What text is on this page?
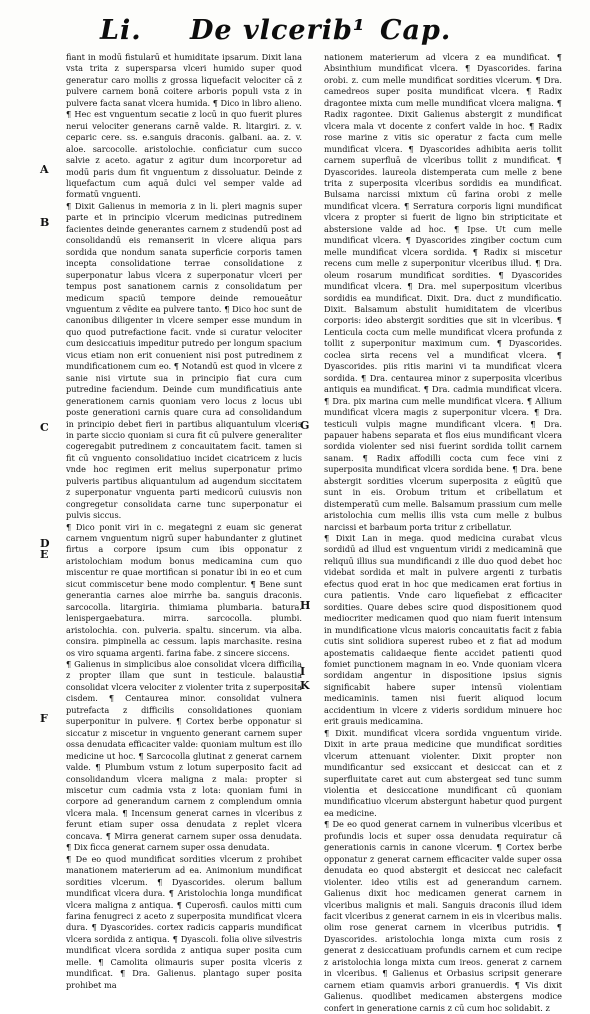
Li. De vlcerib¹ Cap.
A
B
C
D
E
F

fiant in modū fistularū et humiditate ipsarum. Dixit lana vsta trita z supersparsa vlceri humido super quod generatur caro mollis z grossa liquefacit velociter cā z pulvere carnem bonā coitere arboris populi vsta z in pulvere facta sanat vlcera humida. ¶ Dico in libro alieno.

¶ Hec est vnguentum secatie z locū in quo fuerit plures nerui velociter generans carnē valde. R. litargiri. z. v. ceparic cere. ss. e.sanguis draconis. galbani. aa. z. v. aloe. sarcocolle. aristolochie. conficiatur cum succo salvie z aceto. agatur z agitur dum incorporetur ad modū paris dum fit vnguentum z dissoluatur. Deinde z liquefactum cum aquā dulci vel semper valde ad formatū vnguenti.

¶ Dixit Galienus in memoria z in li. pleri magnis super parte et in principio vlcerum medicinas putredinem facientes deinde generantes carnem z studendū post ad consolidandū eis remanserit in vlcere aliqua pars sordida que nondum sanata superficie corporis tamen incepta consolidatione terrae consolidatione z superponatur labus vlcera z superponatur vlceri per tempus post sanationem carnis z consolidatum per medicum spaciū tempore deinde remoueātur vnguentum z vēdite ea pulvere tanto. ¶ Dico hoc sunt de canonibus diligenter in vlcere semper esse mundum in quo quod putrefactione facit. vnde si curatur velociter cum desiccatiuis impeditur putredo per longum spacium vicus etiam non erit conuenient nisi post putredinem z mundificationem cum eo. ¶ Notandū est quod in vlcere z sanie nisi virtute sua in principio fiat cura cum putredine faciendum. Deinde cum mundificatiuis ante generationem carnis quoniam vero locus z locus ubi poste generationi carnis quare cura ad consolidandum in principio debet fieri in partibus aliquantulum vlceris in parte siccio quoniam si cura fit cū pulvere generaliter cogeregabit putredinem z concauitatem facit. tamen si fit cū vnguento consolidatiuo incidet cicatricem z lucis vnde hoc regimen erit melius superponatur primo pulveris partibus aliquantulum ad augendum siccitatem z superponatur vnguenta parti medicorū cuiusvis non congregetur consolidata carne tunc superponatur ei pulvis siccus.

¶ Dico ponit viri in c. megategni z euam sic generat carnem vnguentum nigrū super habundanter z glutinet firtus a corpore ipsum cum ibis opponatur z aristolochiam modum bonus medicamina cum quo miscentur re quae mortifican si ponatur ibi in eo et cum sicut commiscetur bene modo complentur. ¶ Bene sunt generantia carnes aloe mirrhe ba. sanguis draconis. sarcocolla. litargiria. thimiama plumbaria. batura. lenispergaebatura. mirra. sarcocolla. plumbi. aristolochia. con. pulveria. spaltu. sincerum. via alba. consira. pimpinella ac cessum. lapis marchasite. resina os viro squama argenti. farina fabe. z sincere siccens.

¶ Galienus in simplicibus aloe consolidat vlcera difficilia z propter illam que sunt in testicule. balaustia consolidat vlcera velociter z violenter trita z superposita cisdem. ¶ Centaurea minor. consolidat vulnera putrefacta z difficilis consolidationes quoniam superponitur in pulvere. ¶ Cortex berbe opponatur si siccatur z miscetur in vnguento generant carnem super ossa denudata efficaciter valde: quoniam multum est illo medicine ut hoc. ¶ Sarcocolla glutinat z generat carnem valde. ¶ Plumbum vstum z lotum superposito facit ad consolidandum vlcera maligna z mala: propter si miscetur cum cadmia vsta z lota: quoniam fumi in corpore ad generandum carnem z complendum omnia vlcera mala. ¶ Incensum generat carnes in vlceribus z ferunt etiam super ossa denudata z replet vlcera concava. ¶ Mirra generat carnem super ossa denudata. ¶ Dix ficca generat carnem super ossa denudata.

¶ De eo quod mundificat sordities vlcerum z prohibet manationem materierum ad ea. Animonium mundificat sordities vlcerum. ¶ Dyascorides. olerum ballum mundificat vlcera dura. ¶ Aristolochia longa mundificat vlcera maligna z antiqua. ¶ Cuperosfi. caulos mitti cum farina fenugreci z aceto z superposita mundificat vlcera dura. ¶ Dyascorides. cortex radicis capparis mundificat vlcera sordida z antiqua. ¶ Dyascoli. folia olive silvestris mundificat vlcera sordida z antiqua super posita cum melle. ¶ Camolita olimauris super posita vlceris z mundificat. ¶ Dra. Galienus. plantago super posita prohibet ma

G
H
I
K

nationem materierum ad vlcera z ea mundificat. ¶ Absinthium mundificat vlcera. ¶ Dyascorides. farina orobi. z. cum melle mundificat sordities vlcerum. ¶ Dra. camedreos super posita mundificat vlcera. ¶ Radix dragontee mixta cum melle mundificat vlcera maligna. ¶ Radix ragontee. Dixit Galienus abstergit z mundificat vlcera mala vt docente z confert valde in hoc. ¶ Radix rose marine z vitis sic operatur z facta cum melle mundificat vlcera. ¶ Dyascorides adhibita aeris tollit carnem superfluā de vlceribus tollit z mundificat. ¶ Dyascorides. laureola distemperata cum melle z bene trita z superposita vlceribus sordidis ea mundificat. Bulsama narcissi mixtum cū farina orobi z melle mundificat vlcera. ¶ Serratura corporis ligni mundificat vlcera z propter si fuerit de ligno bin stripticitate et abstersione valde ad hoc. ¶ Ipse. Ut cum melle mundificat vlcera. ¶ Dyascorides zingiber coctum cum melle mundificat vlcera sordida. ¶ Radix si miscetur recens cum melle z superponitur vlceribus illud. ¶ Dra. oleum rosarum mundificat sordities. ¶ Dyascorides mundificat vlcera. ¶ Dra. mel superpositum vlceribus sordidis ea mundificat. Dixit. Dra. duct z mundificatio. Dixit. Balsamum abstulit humiditatem de vlceribus corporis: ideo abstergit sordities que sit in vlceribus. ¶ Lenticula cocta cum melle mundificat vlcera profunda z tollit z superponitur maximum cum. ¶ Dyascorides. coclea sirta recens vel a mundificat vlcera. ¶ Dyascorides. piis ritis marini vi ta mundificat vlcera sordida. ¶ Dra. centaurea minor z superposita vlceribus antiquis ea mundificat. ¶ Dra. cadmia mundificat vlcera. ¶ Dra. pix marina cum melle mundificat vlcera. ¶ Allium mundificat vlcera magis z superponitur vlcera. ¶ Dra. testiculi vulpis magne mundificant vlcera. ¶ Dra. papauer habens separata et flos eius mundificant vlcera sordida violenter sed nisi fuerint sordida tollit carnem sanam. ¶ Radix affodilli cocta cum fece vini z superposita mundificat vlcera sordida bene. ¶ Dra. bene abstergit sordities vlcerum superposita z eūgitū que sunt in eis. Orobum tritum et cribellatum et distemperatū cum melle. Balsamum prassium cum melle aristolochia cum mellis illis vsta cum melle z bulbus narcissi et barbaum porta tritur z cribellatur.

¶ Dixit Lan in mega. quod medicina curabat vlcus sordidū ad illud est vnguentum viridi z medicaminā que reliquū illius sua mundificandi z ille duo quod debet hoc videbat sordida et malt in pulvere argenti z turbatis efectus quod erat in hoc que medicamen erat fortius in cura patientis. Vnde caro liquefiebat z efficaciter sordities. Quare debes scire quod dispositionem quod mediocriter medicamen quod quo niam fuerit intensum in mundificatione vlcus maioris concauitatis facit z fabia cutis sint solidiora superest rubeo et z fiat ad modum apostematis calidaeque fiente accidet patienti quod fomiet punctionem magnam in eo. Vnde quoniam vlcera sordidam angentur in dispositione ipsius signis significabit habere super intensū violentiam medicaminis. tamen nisi fuerit aliquod locum accidentium in vlcere z videris sordidum minuere hoc erit grauis medicamina.

¶ Dixit. mundificat vlcera sordida vnguentum viride. Dixit in arte praua medicine que mundificat sordities vlcerum attenuant violenter. Dixit propter non mundificantur sed exsiccant et desiccat can et z superfluitate caret aut cum abstergeat sed tunc summ violentia et desiccatione mundificant cū quoniam mundificatiuo vlcerum abstergunt habetur quod purgent ea medicine.

¶ De eo quod generat carnem in vulneribus vlceribus et profundis locis et super ossa denudata requiratur cā generationis carnis in canone vlcerum. ¶ Cortex berbe opponatur z generat carnem efficaciter valde super ossa denudata eo quod abstergit et desiccat nec calefacit violenter. ideo vtilis est ad generandum carnem. Galienus dixit hoc medicamen generat carnem in vlceribus malignis et mali. Sanguis draconis illud idem facit vlceribus z generat carnem in eis in vlceribus malis. olim rose generat carnem in vlceribus putridis. ¶ Dyascorides. aristolochia longa mixta cum rosis z generat z desiccatiuam profundis carnem et cum recipe z aristolochia longa mixta cum ireos. generat z carnem in vlceribus. ¶ Galienus et Orbasius scripsit generare carnem etiam quamvis arbori granuerdis. ¶ Vis dixit Galienus. quodlibet medicamen abstergens modice confert in generatione carnis z cū cum hoc solidabit. z
